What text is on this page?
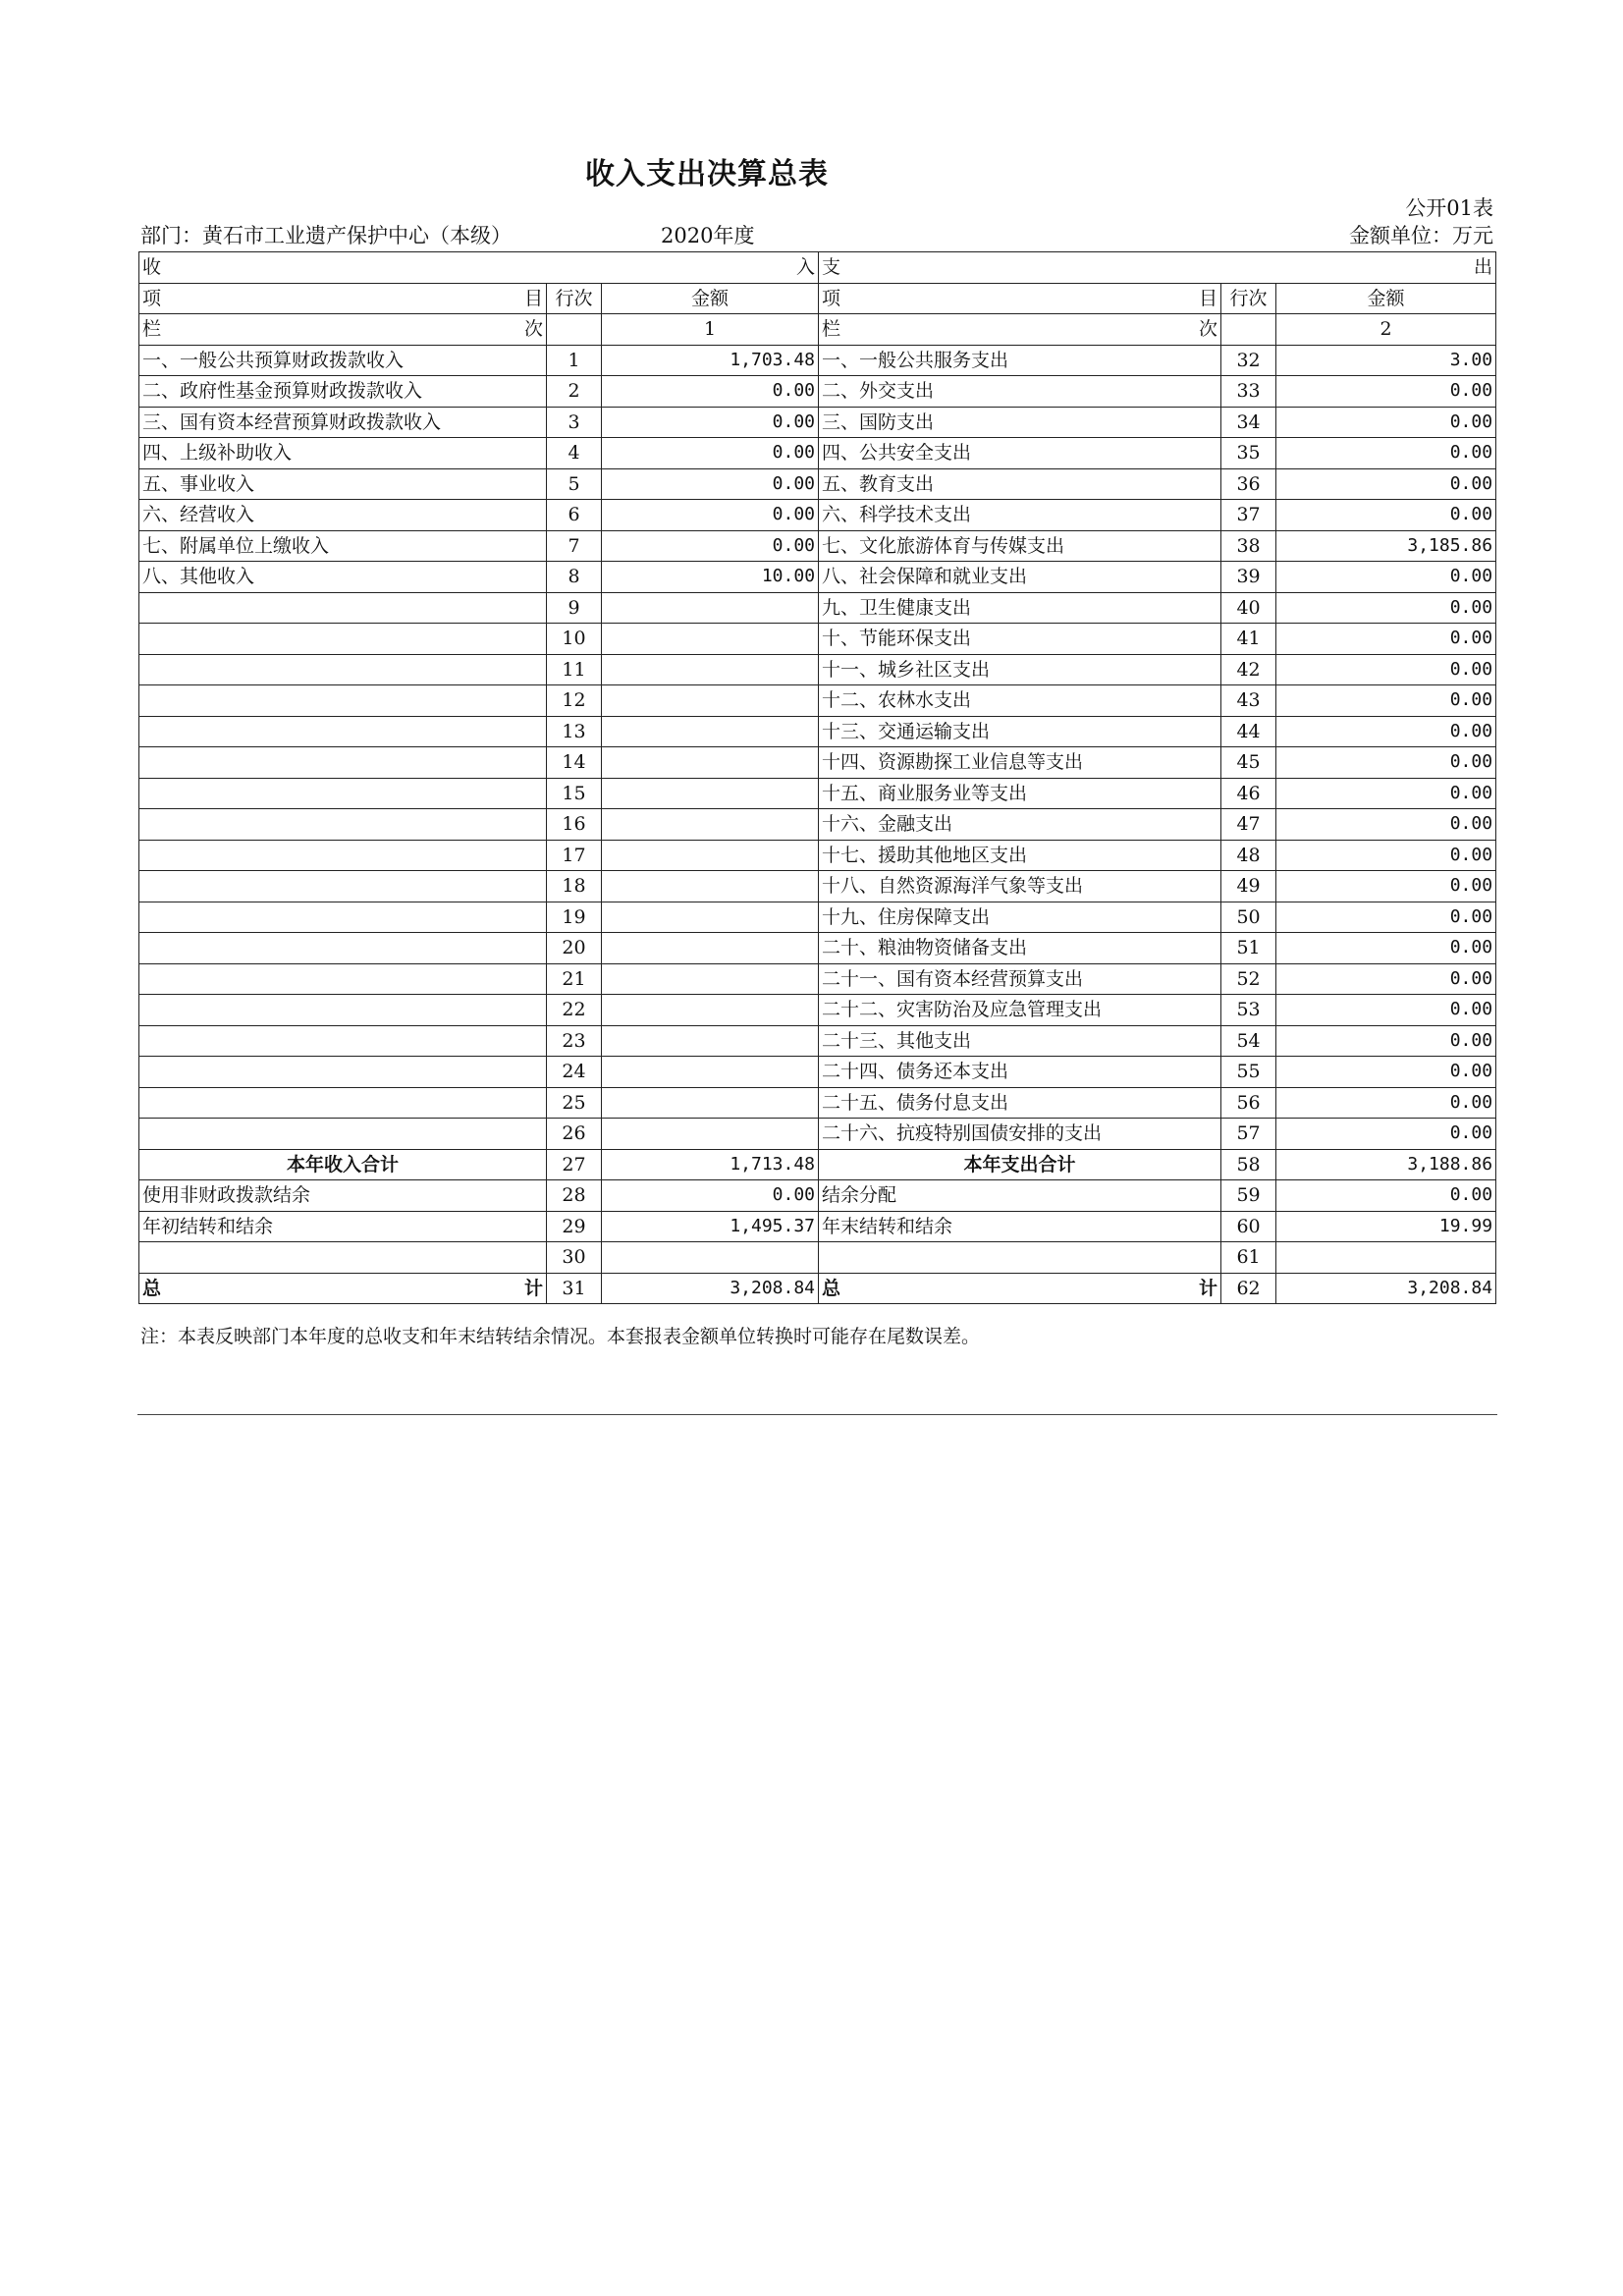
收入支出决算总表
公开01表
部门：黄石市工业遗产保护中心（本级）	2020年度	金额单位：万元
收 入			支 出		

项 目	行次	金额	项 目	行次	金额

栏 次		1	栏 次		2
一、一般公共预算财政拨款收入	1	1,703.48	一、一般公共服务支出	32	3.00
二、政府性基金预算财政拨款收入	2	0.00	二、外交支出	33	0.00
三、国有资本经营预算财政拨款收入	3	0.00	三、国防支出	34	0.00
四、上级补助收入	4	0.00	四、公共安全支出	35	0.00
五、事业收入	5	0.00	五、教育支出	36	0.00
六、经营收入	6	0.00	六、科学技术支出	37	0.00
七、附属单位上缴收入	7	0.00	七、文化旅游体育与传媒支出	38	3,185.86
八、其他收入	8	10.00	八、社会保障和就业支出	39	0.00
	9		九、卫生健康支出	40	0.00
	10		十、节能环保支出	41	0.00
	11		十一、城乡社区支出	42	0.00
	12		十二、农林水支出	43	0.00
	13		十三、交通运输支出	44	0.00
	14		十四、资源勘探工业信息等支出	45	0.00
	15		十五、商业服务业等支出	46	0.00
	16		十六、金融支出	47	0.00
	17		十七、援助其他地区支出	48	0.00
	18		十八、自然资源海洋气象等支出	49	0.00
	19		十九、住房保障支出	50	0.00
	20		二十、粮油物资储备支出	51	0.00
	21		二十一、国有资本经营预算支出	52	0.00
	22		二十二、灾害防治及应急管理支出	53	0.00
	23		二十三、其他支出	54	0.00
	24		二十四、债务还本支出	55	0.00
	25		二十五、债务付息支出	56	0.00
	26		二十六、抗疫特别国债安排的支出	57	0.00
本年收入合计	27	1,713.48	本年支出合计	58	3,188.86
使用非财政拨款结余	28	0.00	结余分配	59	0.00
年初结转和结余	29	1,495.37	年末结转和结余	60	19.99
	30			61	

总 计	31	3,208.84	总 计	62	3,208.84
注：本表反映部门本年度的总收支和年末结转结余情况。本套报表金额单位转换时可能存在尾数误差。
